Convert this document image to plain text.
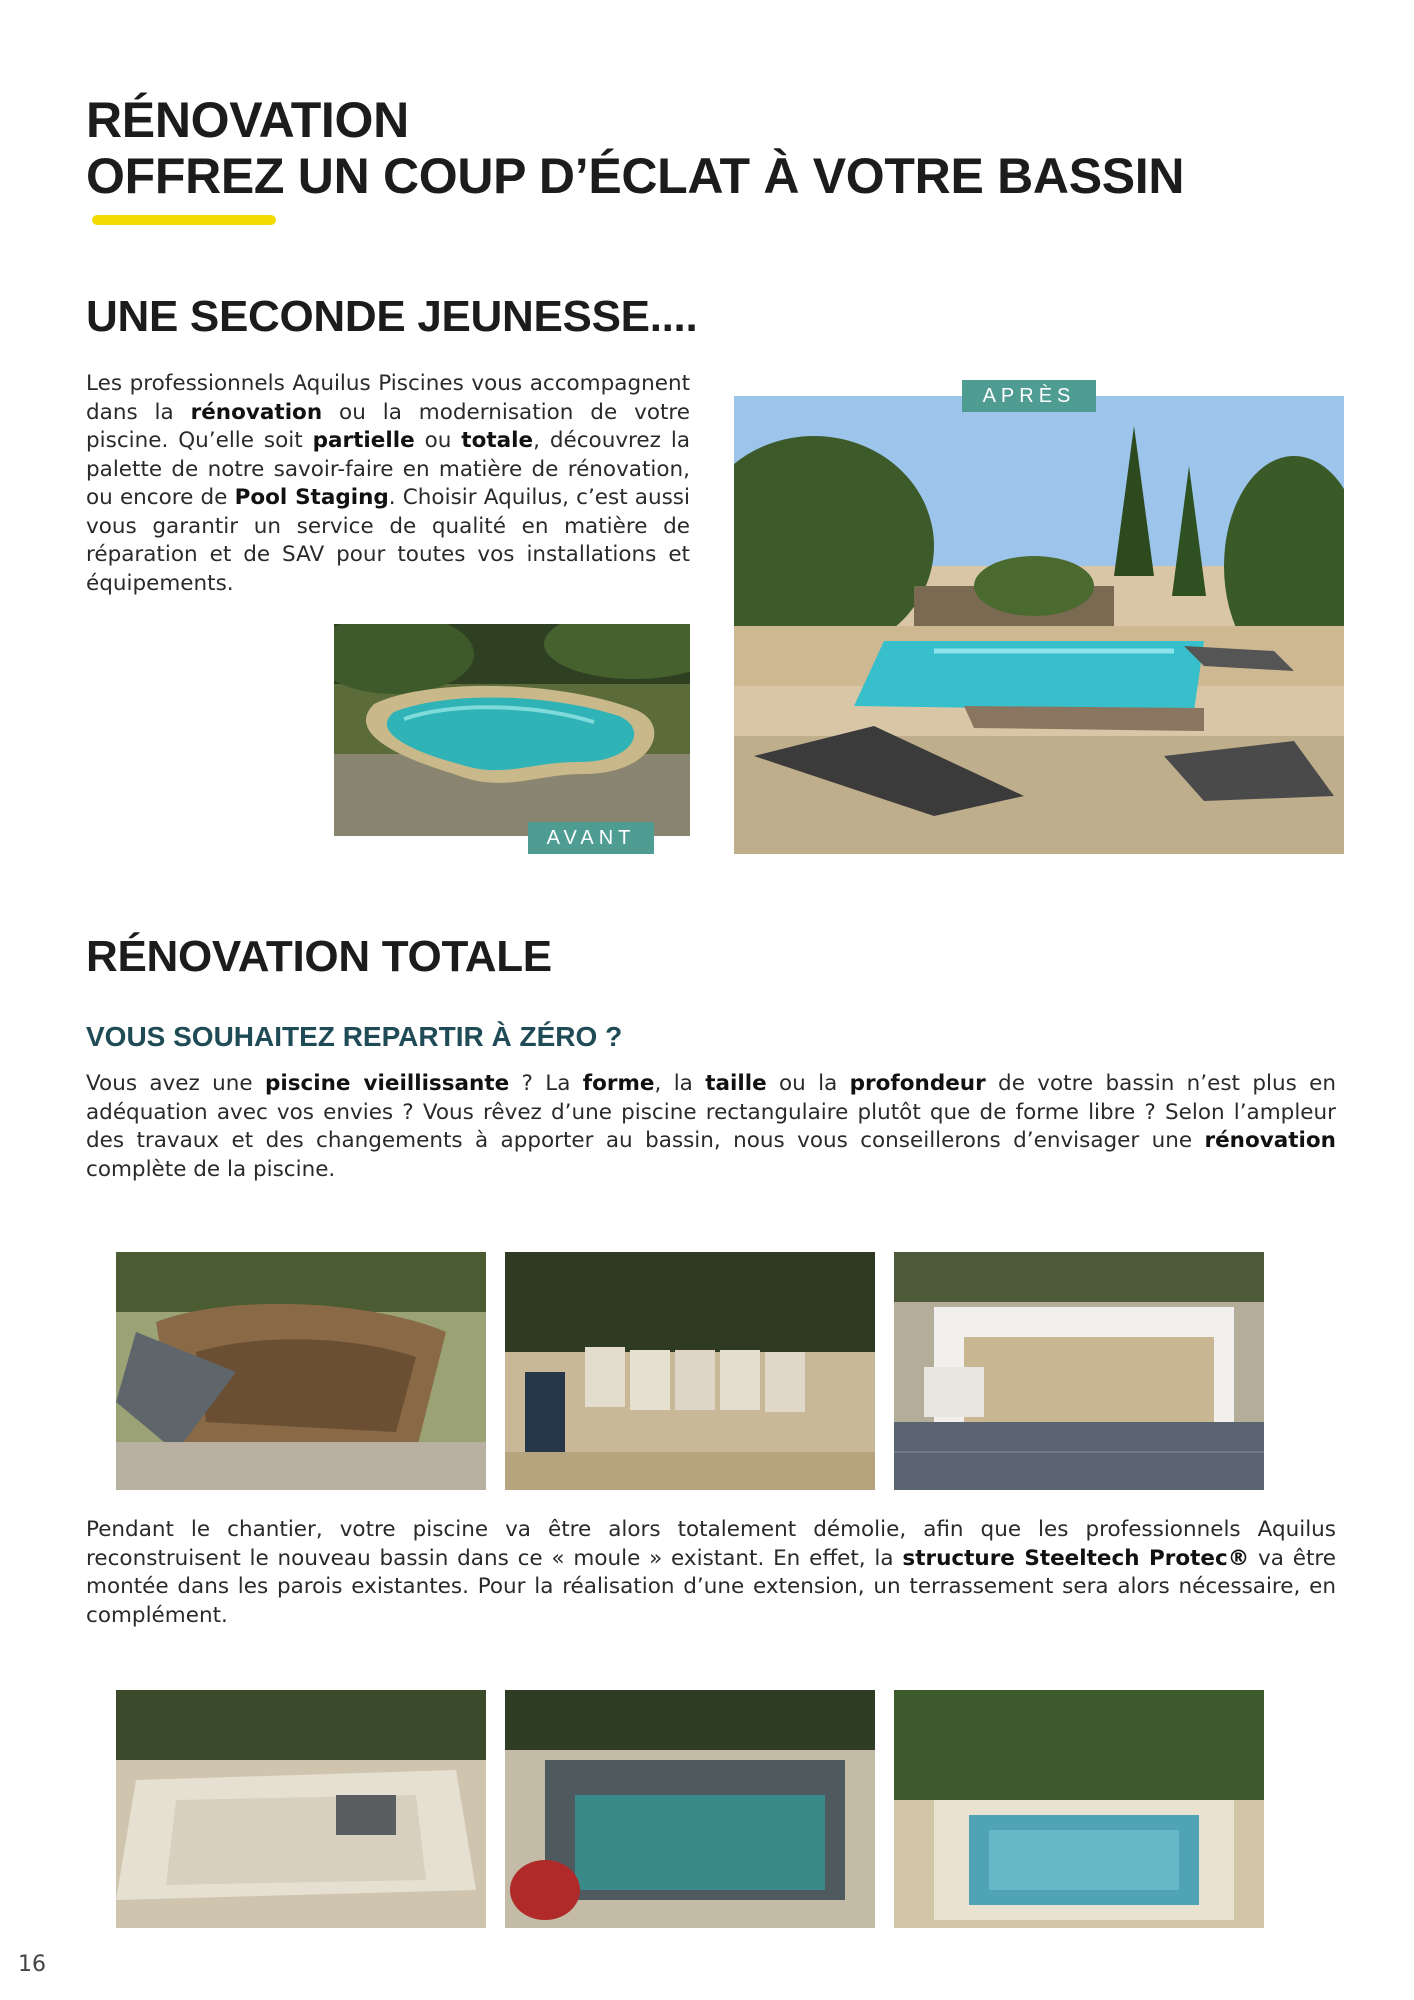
RÉNOVATION
OFFREZ UN COUP D’ÉCLAT À VOTRE BASSIN
UNE SECONDE JEUNESSE....

Les professionnels Aquilus Piscines vous accompagnent dans la rénovation ou la modernisation de votre piscine. Qu’elle soit partielle ou totale, découvrez la palette de notre savoir-faire en matière de rénovation, ou encore de Pool Staging. Choisir Aquilus, c’est aussi vous garantir un service de qualité en matière de réparation et de SAV pour toutes vos installations et équipements.

AVANT
APRÈS
RÉNOVATION TOTALE
VOUS SOUHAITEZ REPARTIR À ZÉRO ?

Vous avez une piscine vieillissante ? La forme, la taille ou la profondeur de votre bassin n’est plus en adéquation avec vos envies ? Vous rêvez d’une piscine rectangulaire plutôt que de forme libre ? Selon l’ampleur des travaux et des changements à apporter au bassin, nous vous conseillerons d’envisager une rénovation complète de la piscine.

Pendant le chantier, votre piscine va être alors totalement démolie, afin que les professionnels Aquilus reconstruisent le nouveau bassin dans ce « moule » existant. En effet, la structure Steeltech Protec® va être montée dans les parois existantes. Pour la réalisation d’une extension, un terrassement sera alors nécessaire, en complément.

16
